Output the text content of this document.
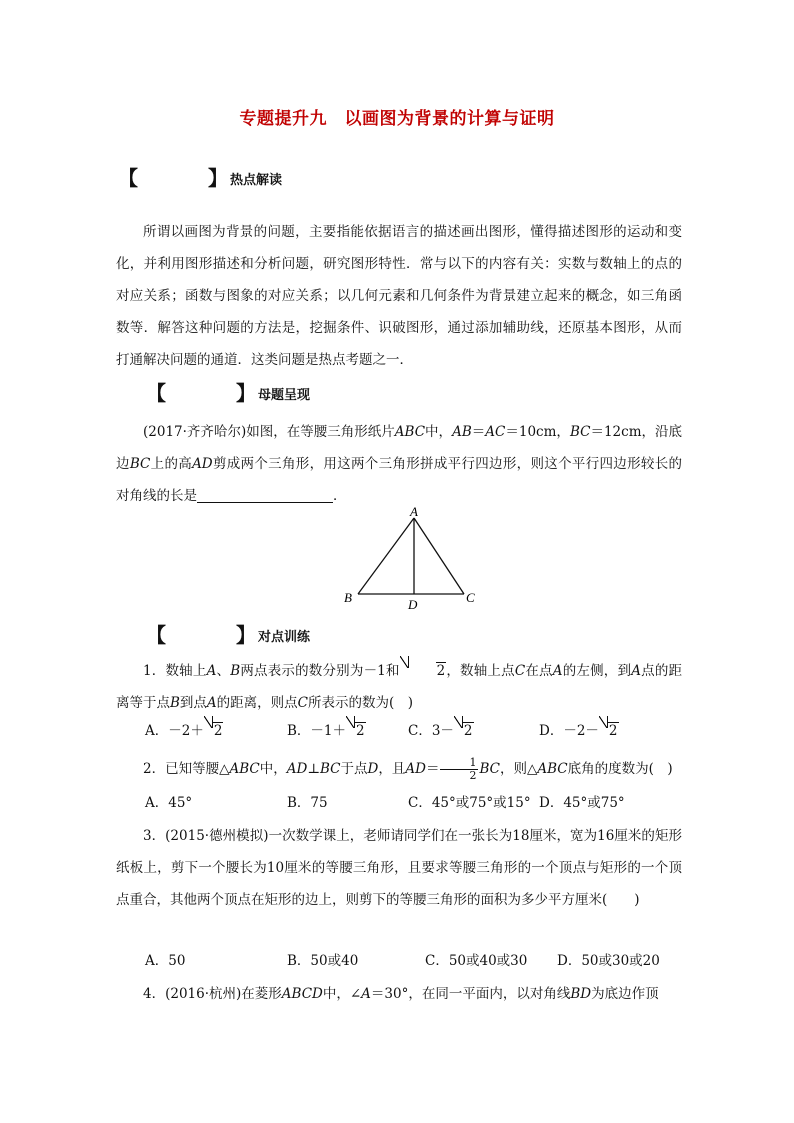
专题提升九　以画图为背景的计算与证明
【	】 热点解读

所谓以画图为背景的问题，主要指能依据语言的描述画出图形，懂得描述图形的运动和变化，并利用图形描述和分析问题，研究图形特性．常与以下的内容有关：实数与数轴上的点的对应关系；函数与图象的对应关系；以几何元素和几何条件为背景建立起来的概念，如三角函数等．解答这种问题的方法是，挖掘条件、识破图形，通过添加辅助线，还原基本图形，从而打通解决问题的通道．这类问题是热点考题之一．

【	】 母题呈现

(2017·齐齐哈尔)如图，在等腰三角形纸片ABC中，AB＝AC＝10cm，BC＝12cm，沿底边BC上的高AD剪成两个三角形，用这两个三角形拼成平行四边形，则这个平行四边形较长的对角线的长是	．

A
B	C
D
【	】 对点训练

1．数轴上A、B两点表示的数分别为－1和	2，数轴上点C在点A的左侧，到A点的距离等于点B到点A的距离，则点C所表示的数为(　)

A．－2＋ 2	B．－1＋ 2	C．3－ 2	D．－2－ 2

2．已知等腰△ABC中，AD⊥BC于点D，且$AD= \frac{1}{2}$ BC，则△ABC底角的度数为(　)

A．45°	B．75	C．45°或75°或15° D．45°或75°

3．(2015·德州模拟)一次数学课上，老师请同学们在一张长为18厘米，宽为16厘米的矩形纸板上，剪下一个腰长为10厘米的等腰三角形，且要求等腰三角形的一个顶点与矩形的一个顶点重合，其他两个顶点在矩形的边上，则剪下的等腰三角形的面积为多少平方厘米(　　)

A．50	B．50或40	C．50或40或30 D．50或30或20

4．(2016·杭州)在菱形ABCD中，∠A＝30°，在同一平面内，以对角线BD为底边作顶
